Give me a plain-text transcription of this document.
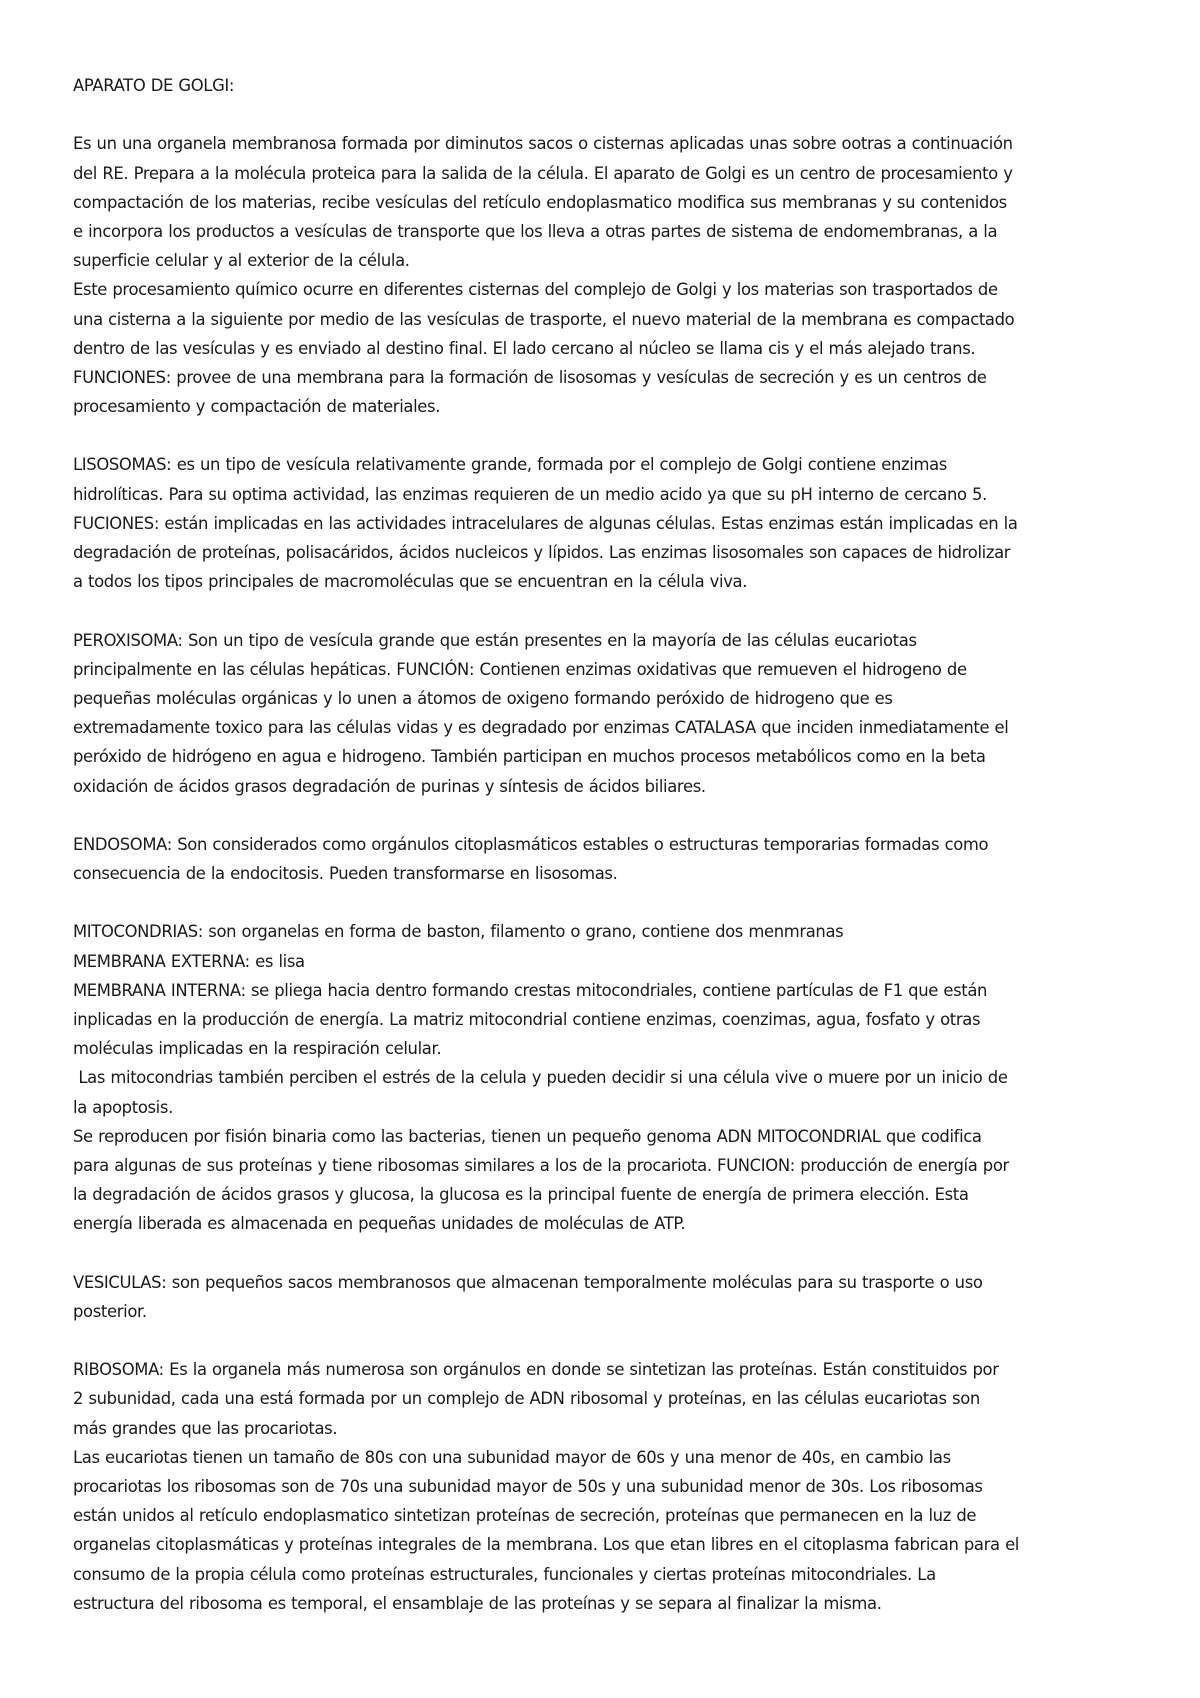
APARATO DE GOLGI:
Es un una organela membranosa formada por diminutos sacos o cisternas aplicadas unas sobre ootras a continuación
del RE. Prepara a la molécula proteica para la salida de la célula. El aparato de Golgi es un centro de procesamiento y
compactación de los materias, recibe vesículas del retículo endoplasmatico modifica sus membranas y su contenidos
e incorpora los productos a vesículas de transporte que los lleva a otras partes de sistema de endomembranas, a la
superficie celular y al exterior de la célula.
Este procesamiento químico ocurre en diferentes cisternas del complejo de Golgi y los materias son trasportados de
una cisterna a la siguiente por medio de las vesículas de trasporte, el nuevo material de la membrana es compactado
dentro de las vesículas y es enviado al destino final. El lado cercano al núcleo se llama cis y el más alejado trans.
FUNCIONES: provee de una membrana para la formación de lisosomas y vesículas de secreción y es un centros de
procesamiento y compactación de materiales.
LISOSOMAS: es un tipo de vesícula relativamente grande, formada por el complejo de Golgi contiene enzimas
hidrolíticas. Para su optima actividad, las enzimas requieren de un medio acido ya que su pH interno de cercano 5.
FUCIONES: están implicadas en las actividades intracelulares de algunas células. Estas enzimas están implicadas en la
degradación de proteínas, polisacáridos, ácidos nucleicos y lípidos. Las enzimas lisosomales son capaces de hidrolizar
a todos los tipos principales de macromoléculas que se encuentran en la célula viva.
PEROXISOMA: Son un tipo de vesícula grande que están presentes en la mayoría de las células eucariotas
principalmente en las células hepáticas. FUNCIÓN: Contienen enzimas oxidativas que remueven el hidrogeno de
pequeñas moléculas orgánicas y lo unen a átomos de oxigeno formando peróxido de hidrogeno que es
extremadamente toxico para las células vidas y es degradado por enzimas CATALASA que inciden inmediatamente el
peróxido de hidrógeno en agua e hidrogeno. También participan en muchos procesos metabólicos como en la beta
oxidación de ácidos grasos degradación de purinas y síntesis de ácidos biliares.
ENDOSOMA: Son considerados como orgánulos citoplasmáticos estables o estructuras temporarias formadas como
consecuencia de la endocitosis. Pueden transformarse en lisosomas.
MITOCONDRIAS: son organelas en forma de baston, filamento o grano, contiene dos menmranas
MEMBRANA EXTERNA: es lisa
MEMBRANA INTERNA: se pliega hacia dentro formando crestas mitocondriales, contiene partículas de F1 que están
inplicadas en la producción de energía. La matriz mitocondrial contiene enzimas, coenzimas, agua, fosfato y otras
moléculas implicadas en la respiración celular.
Las mitocondrias también perciben el estrés de la celula y pueden decidir si una célula vive o muere por un inicio de
la apoptosis.
Se reproducen por fisión binaria como las bacterias, tienen un pequeño genoma ADN MITOCONDRIAL que codifica
para algunas de sus proteínas y tiene ribosomas similares a los de la procariota. FUNCION: producción de energía por
la degradación de ácidos grasos y glucosa, la glucosa es la principal fuente de energía de primera elección. Esta
energía liberada es almacenada en pequeñas unidades de moléculas de ATP.
VESICULAS: son pequeños sacos membranosos que almacenan temporalmente moléculas para su trasporte o uso
posterior.
RIBOSOMA: Es la organela más numerosa son orgánulos en donde se sintetizan las proteínas. Están constituidos por
2 subunidad, cada una está formada por un complejo de ADN ribosomal y proteínas, en las células eucariotas son
más grandes que las procariotas.
Las eucariotas tienen un tamaño de 80s con una subunidad mayor de 60s y una menor de 40s, en cambio las
procariotas los ribosomas son de 70s una subunidad mayor de 50s y una subunidad menor de 30s. Los ribosomas
están unidos al retículo endoplasmatico sintetizan proteínas de secreción, proteínas que permanecen en la luz de
organelas citoplasmáticas y proteínas integrales de la membrana. Los que etan libres en el citoplasma fabrican para el
consumo de la propia célula como proteínas estructurales, funcionales y ciertas proteínas mitocondriales. La
estructura del ribosoma es temporal, el ensamblaje de las proteínas y se separa al finalizar la misma.
